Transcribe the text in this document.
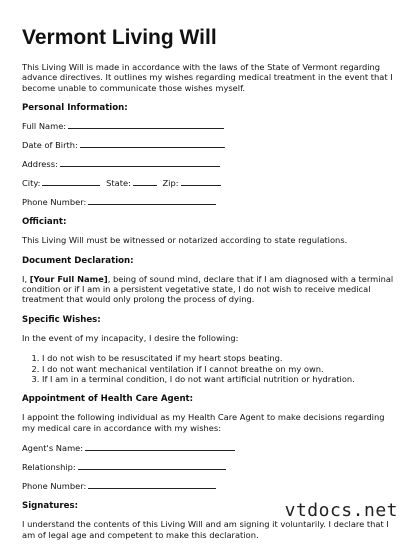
Vermont Living Will

This Living Will is made in accordance with the laws of the State of Vermont regarding advance directives. It outlines my wishes regarding medical treatment in the event that I become unable to communicate those wishes myself.

Personal Information:
Full Name:
Date of Birth:
Address:
City:	State:	Zip:
Phone Number:
Officiant:

This Living Will must be witnessed or notarized according to state regulations.

Document Declaration:

I, [Your Full Name], being of sound mind, declare that if I am diagnosed with a terminal condition or if I am in a persistent vegetative state, I do not wish to receive medical treatment that would only prolong the process of dying.

Specific Wishes:

In the event of my incapacity, I desire the following:

1. I do not wish to be resuscitated if my heart stops beating.
2. I do not want mechanical ventilation if I cannot breathe on my own.
3. If I am in a terminal condition, I do not want artificial nutrition or hydration.
Appointment of Health Care Agent:

I appoint the following individual as my Health Care Agent to make decisions regarding my medical care in accordance with my wishes:

Agent's Name:
Relationship:
Phone Number:
Signatures:

I understand the contents of this Living Will and am signing it voluntarily. I declare that I am of legal age and competent to make this declaration.

vtdocs.net
